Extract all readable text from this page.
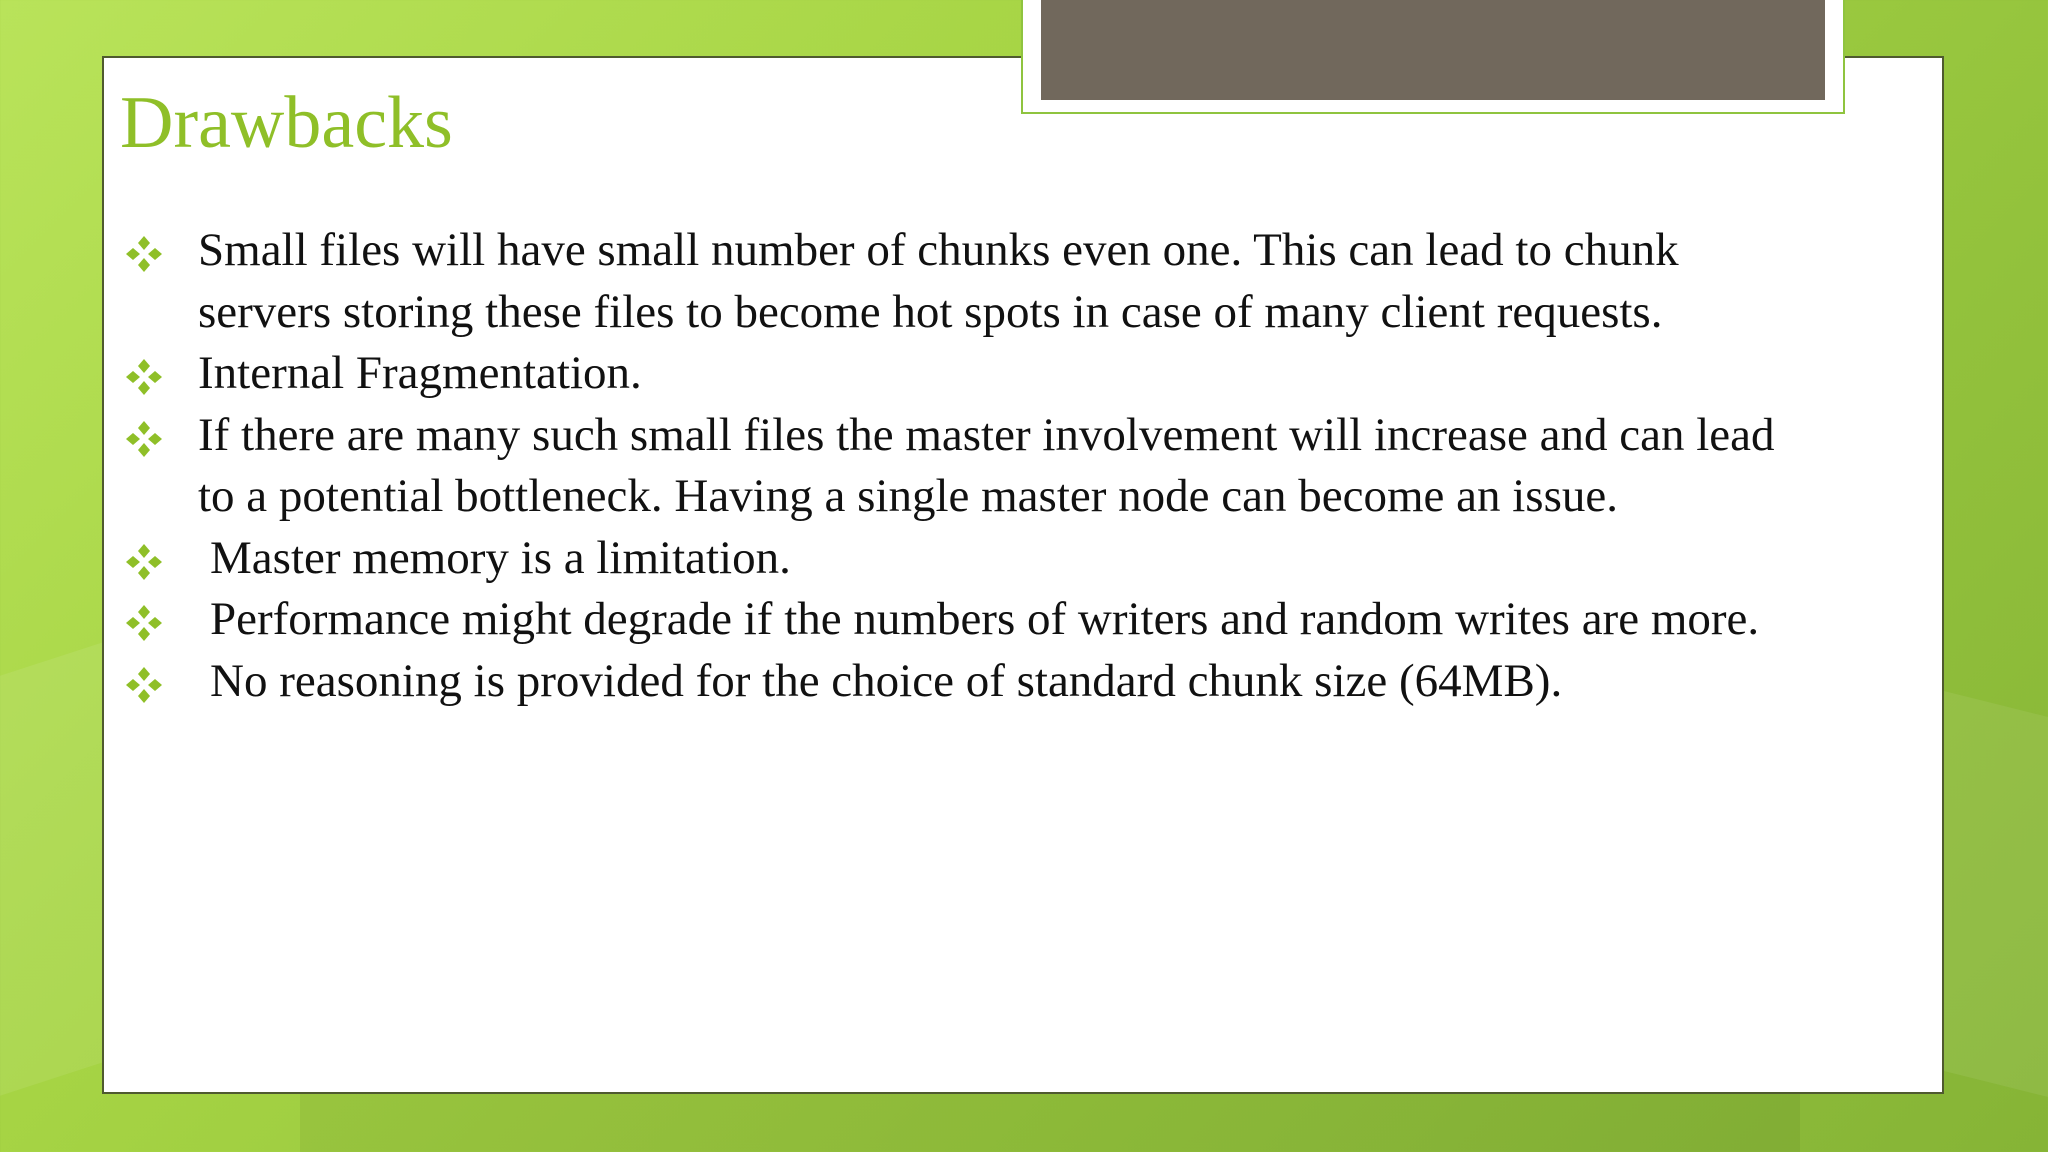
Drawbacks
Small files will have small number of chunks even one. This can lead to chunk servers storing these files to become hot spots in case of many client requests.
Internal Fragmentation.
If there are many such small files the master involvement will increase and can lead to a potential bottleneck. Having a single master node can become an issue.
Master memory is a limitation.
Performance might degrade if the numbers of writers and random writes are more.
No reasoning is provided for the choice of standard chunk size (64MB).
